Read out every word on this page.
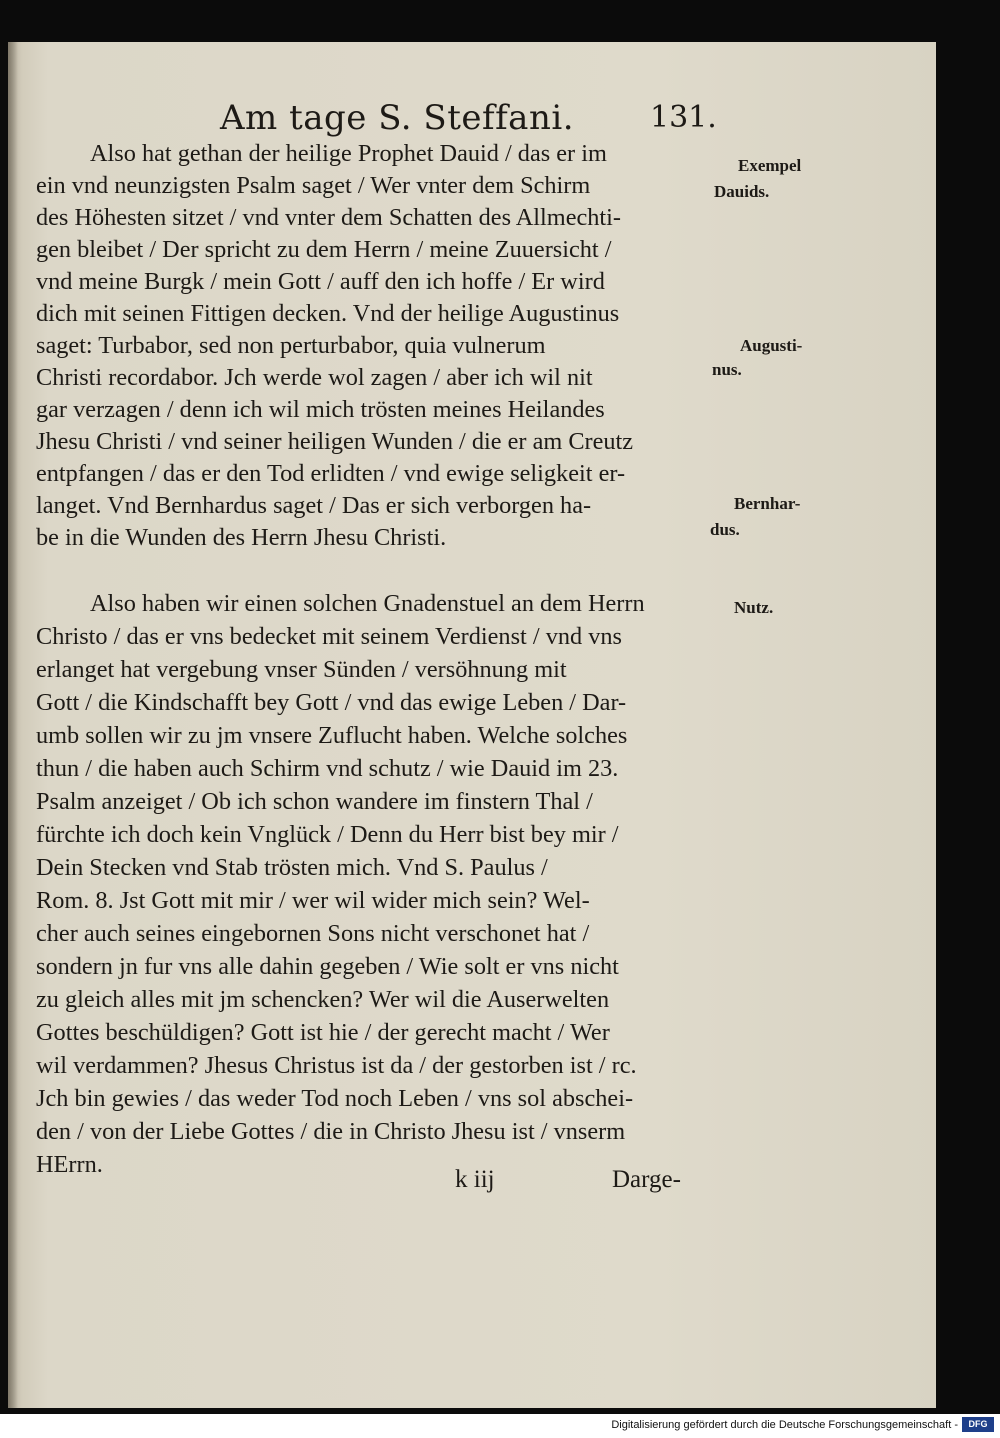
Am tage S. Steffani.	131.
Also hat gethan der heilige Prophet Dauid / das er im
ein vnd neunzigsten Psalm saget / Wer vnter dem Schirm
des Höhesten sitzet / vnd vnter dem Schatten des Allmechti-
gen bleibet / Der spricht zu dem Herrn / meine Zuuersicht /
vnd meine Burgk / mein Gott / auff den ich hoffe / Er wird
dich mit seinen Fittigen decken. Vnd der heilige Augustinus
saget: Turbabor, sed non perturbabor, quia vulnerum
Christi recordabor. Jch werde wol zagen / aber ich wil nit
gar verzagen / denn ich wil mich trösten meines Heilandes
Jhesu Christi / vnd seiner heiligen Wunden / die er am Creutz
entpfangen / das er den Tod erlidten / vnd ewige seligkeit er-
langet. Vnd Bernhardus saget / Das er sich verborgen ha-
be in die Wunden des Herrn Jhesu Christi.
Also haben wir einen solchen Gnadenstuel an dem Herrn
Christo / das er vns bedecket mit seinem Verdienst / vnd vns
erlanget hat vergebung vnser Sünden / versöhnung mit
Gott / die Kindschafft bey Gott / vnd das ewige Leben / Dar-
umb sollen wir zu jm vnsere Zuflucht haben. Welche solches
thun / die haben auch Schirm vnd schutz / wie Dauid im 23.
Psalm anzeiget / Ob ich schon wandere im finstern Thal /
fürchte ich doch kein Vnglück / Denn du Herr bist bey mir /
Dein Stecken vnd Stab trösten mich. Vnd S. Paulus /
Rom. 8. Jst Gott mit mir / wer wil wider mich sein? Wel-
cher auch seines eingebornen Sons nicht verschonet hat /
sondern jn fur vns alle dahin gegeben / Wie solt er vns nicht
zu gleich alles mit jm schencken? Wer wil die Auserwelten
Gottes beschüldigen? Gott ist hie / der gerecht macht / Wer
wil verdammen? Jhesus Christus ist da / der gestorben ist / rc.
Jch bin gewies / das weder Tod noch Leben / vns sol abschei-
den / von der Liebe Gottes / die in Christo Jhesu ist / vnserm
HErrn.
Exempel
Dauids.
Augusti-
nus.
Bernhar-
dus.
Nutz.
k iij	Darge-
Digitalisierung gefördert durch die Deutsche Forschungsgemeinschaft -	DFG
